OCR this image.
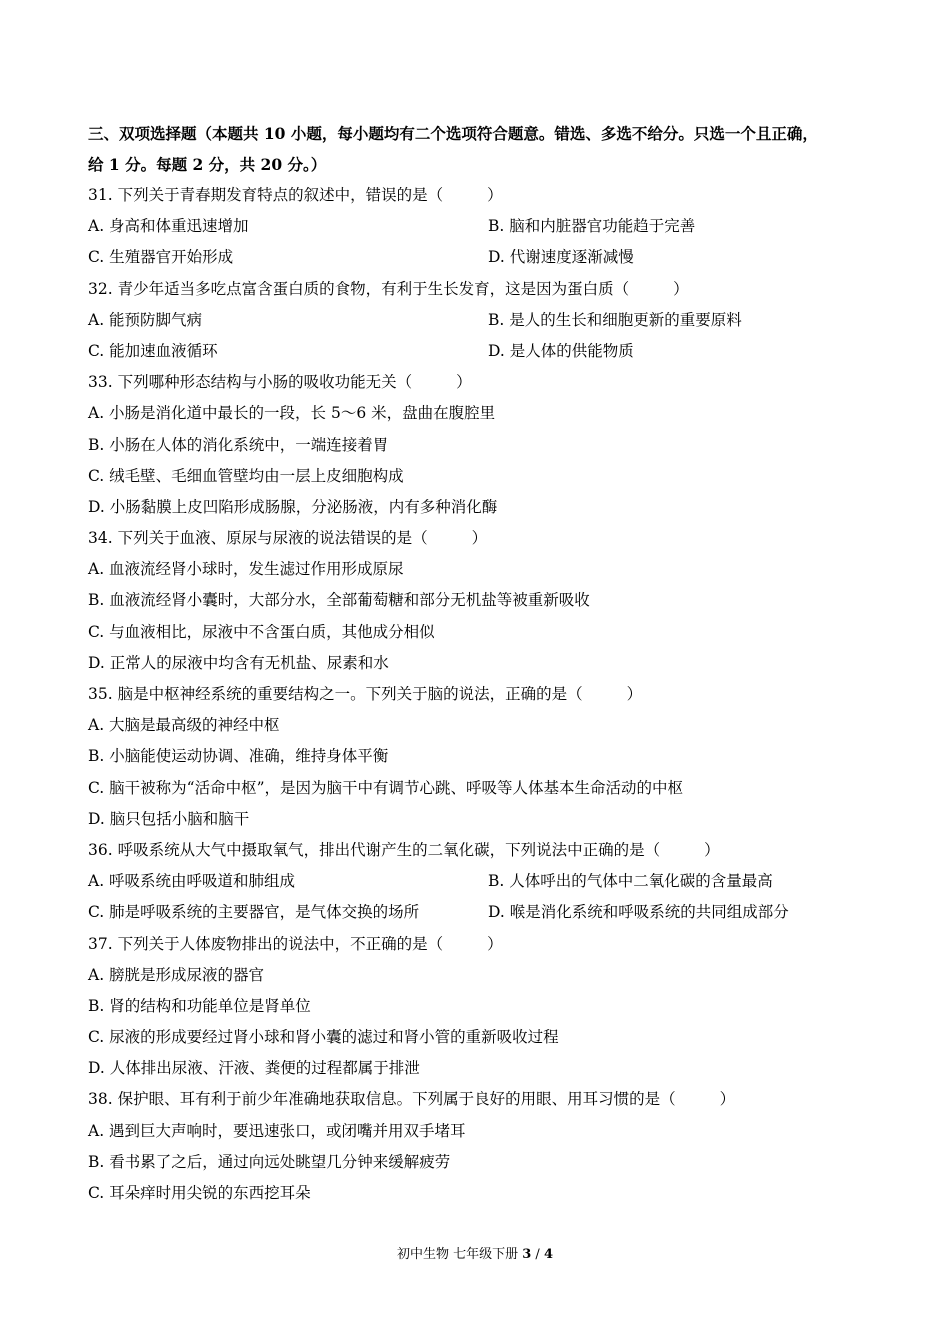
三、双项选择题（本题共 10 小题，每小题均有二个选项符合题意。错选、多选不给分。只选一个且正确，
给 1 分。每题 2 分，共 20 分。）
31. 下列关于青春期发育特点的叙述中，错误的是（	）
A. 身高和体重迅速增加	B. 脑和内脏器官功能趋于完善
C. 生殖器官开始形成	D. 代谢速度逐渐减慢
32. 青少年适当多吃点富含蛋白质的食物，有利于生长发育，这是因为蛋白质（	）
A. 能预防脚气病	B. 是人的生长和细胞更新的重要原料
C. 能加速血液循环	D. 是人体的供能物质
33. 下列哪种形态结构与小肠的吸收功能无关（	）
A. 小肠是消化道中最长的一段，长 5～6 米，盘曲在腹腔里
B. 小肠在人体的消化系统中，一端连接着胃
C. 绒毛壁、毛细血管壁均由一层上皮细胞构成
D. 小肠黏膜上皮凹陷形成肠腺，分泌肠液，内有多种消化酶
34. 下列关于血液、原尿与尿液的说法错误的是（	）
A. 血液流经肾小球时，发生滤过作用形成原尿
B. 血液流经肾小囊时，大部分水，全部葡萄糖和部分无机盐等被重新吸收
C. 与血液相比，尿液中不含蛋白质，其他成分相似
D. 正常人的尿液中均含有无机盐、尿素和水
35. 脑是中枢神经系统的重要结构之一。下列关于脑的说法，正确的是（	）
A. 大脑是最高级的神经中枢
B. 小脑能使运动协调、准确，维持身体平衡
C. 脑干被称为“活命中枢”，是因为脑干中有调节心跳、呼吸等人体基本生命活动的中枢
D. 脑只包括小脑和脑干
36. 呼吸系统从大气中摄取氧气，排出代谢产生的二氧化碳，下列说法中正确的是（	）
A. 呼吸系统由呼吸道和肺组成	B. 人体呼出的气体中二氧化碳的含量最高
C. 肺是呼吸系统的主要器官，是气体交换的场所	D. 喉是消化系统和呼吸系统的共同组成部分
37. 下列关于人体废物排出的说法中，不正确的是（	）
A. 膀胱是形成尿液的器官
B. 肾的结构和功能单位是肾单位
C. 尿液的形成要经过肾小球和肾小囊的滤过和肾小管的重新吸收过程
D. 人体排出尿液、汗液、粪便的过程都属于排泄
38. 保护眼、耳有利于前少年准确地获取信息。下列属于良好的用眼、用耳习惯的是（	）
A. 遇到巨大声响时，要迅速张口，或闭嘴并用双手堵耳
B. 看书累了之后，通过向远处眺望几分钟来缓解疲劳
C. 耳朵痒时用尖锐的东西挖耳朵
初中生物 七年级下册 3 / 4
